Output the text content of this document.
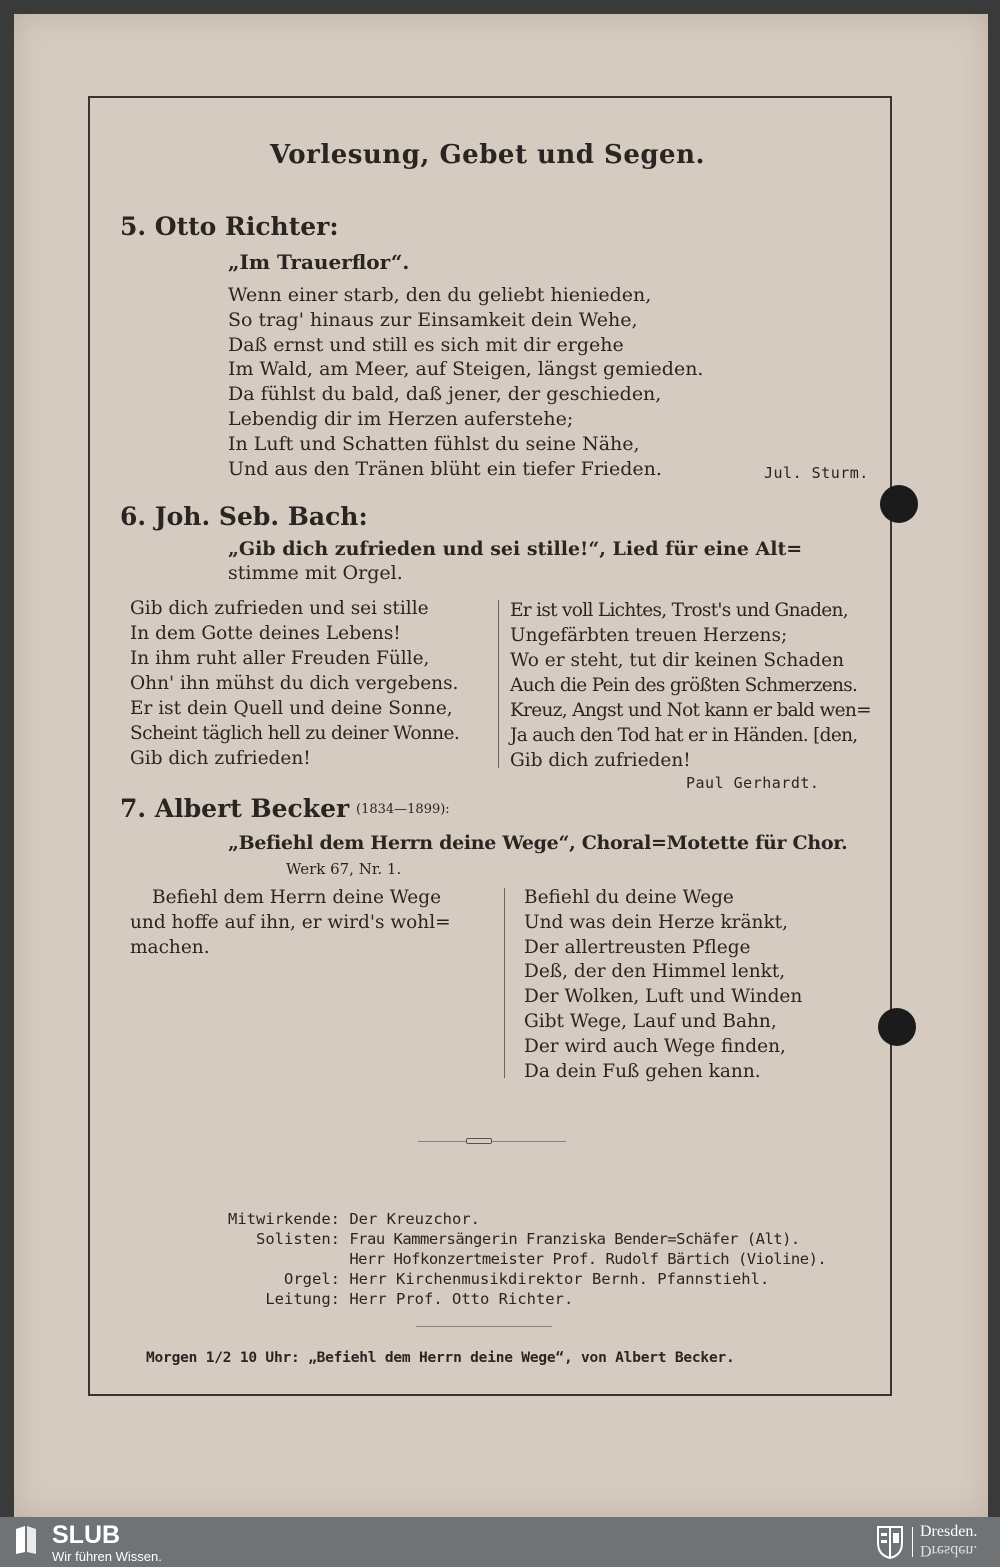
Vorlesung, Gebet und Segen.
5. Otto Richter:
„Im Trauerflor“.
Wenn einer starb, den du geliebt hienieden,
So trag' hinaus zur Einsamkeit dein Wehe,
Daß ernst und still es sich mit dir ergehe
Im Wald, am Meer, auf Steigen, längst gemieden.
Da fühlst du bald, daß jener, der geschieden,
Lebendig dir im Herzen auferstehe;
In Luft und Schatten fühlst du seine Nähe,
Und aus den Tränen blüht ein tiefer Frieden.	Jul. Sturm.
6. Joh. Seb. Bach:
„Gib dich zufrieden und sei stille!“, Lied für eine Alt=
stimme mit Orgel.
Gib dich zufrieden und sei stille
In dem Gotte deines Lebens!
In ihm ruht aller Freuden Fülle,
Ohn' ihn mühst du dich vergebens.
Er ist dein Quell und deine Sonne,
Scheint täglich hell zu deiner Wonne.
Gib dich zufrieden!
Er ist voll Lichtes, Trost's und Gnaden,
Ungefärbten treuen Herzens;
Wo er steht, tut dir keinen Schaden
Auch die Pein des größten Schmerzens.
Kreuz, Angst und Not kann er bald wen=
Ja auch den Tod hat er in Händen. [den,
Gib dich zufrieden!
Paul Gerhardt.
7. Albert Becker (1834—1899):
„Befiehl dem Herrn deine Wege“, Choral=Motette für Chor.
Werk 67, Nr. 1.
Befiehl dem Herrn deine Wege
und hoffe auf ihn, er wird's wohl=
machen.
Befiehl du deine Wege
Und was dein Herze kränkt,
Der allertreusten Pflege
Deß, der den Himmel lenkt,
Der Wolken, Luft und Winden
Gibt Wege, Lauf und Bahn,
Der wird auch Wege finden,
Da dein Fuß gehen kann.
Mitwirkende: Der Kreuzchor.
Solisten: Frau Kammersängerin Franziska Bender=Schäfer (Alt).
Herr Hofkonzertmeister Prof. Rudolf Bärtich (Violine).
Orgel: Herr Kirchenmusikdirektor Bernh. Pfannstiehl.
Leitung: Herr Prof. Otto Richter.
Morgen 1/2 10 Uhr: „Befiehl dem Herrn deine Wege“, von Albert Becker.
SLUB
Wir führen Wissen.
Dresden.
Dresden.
